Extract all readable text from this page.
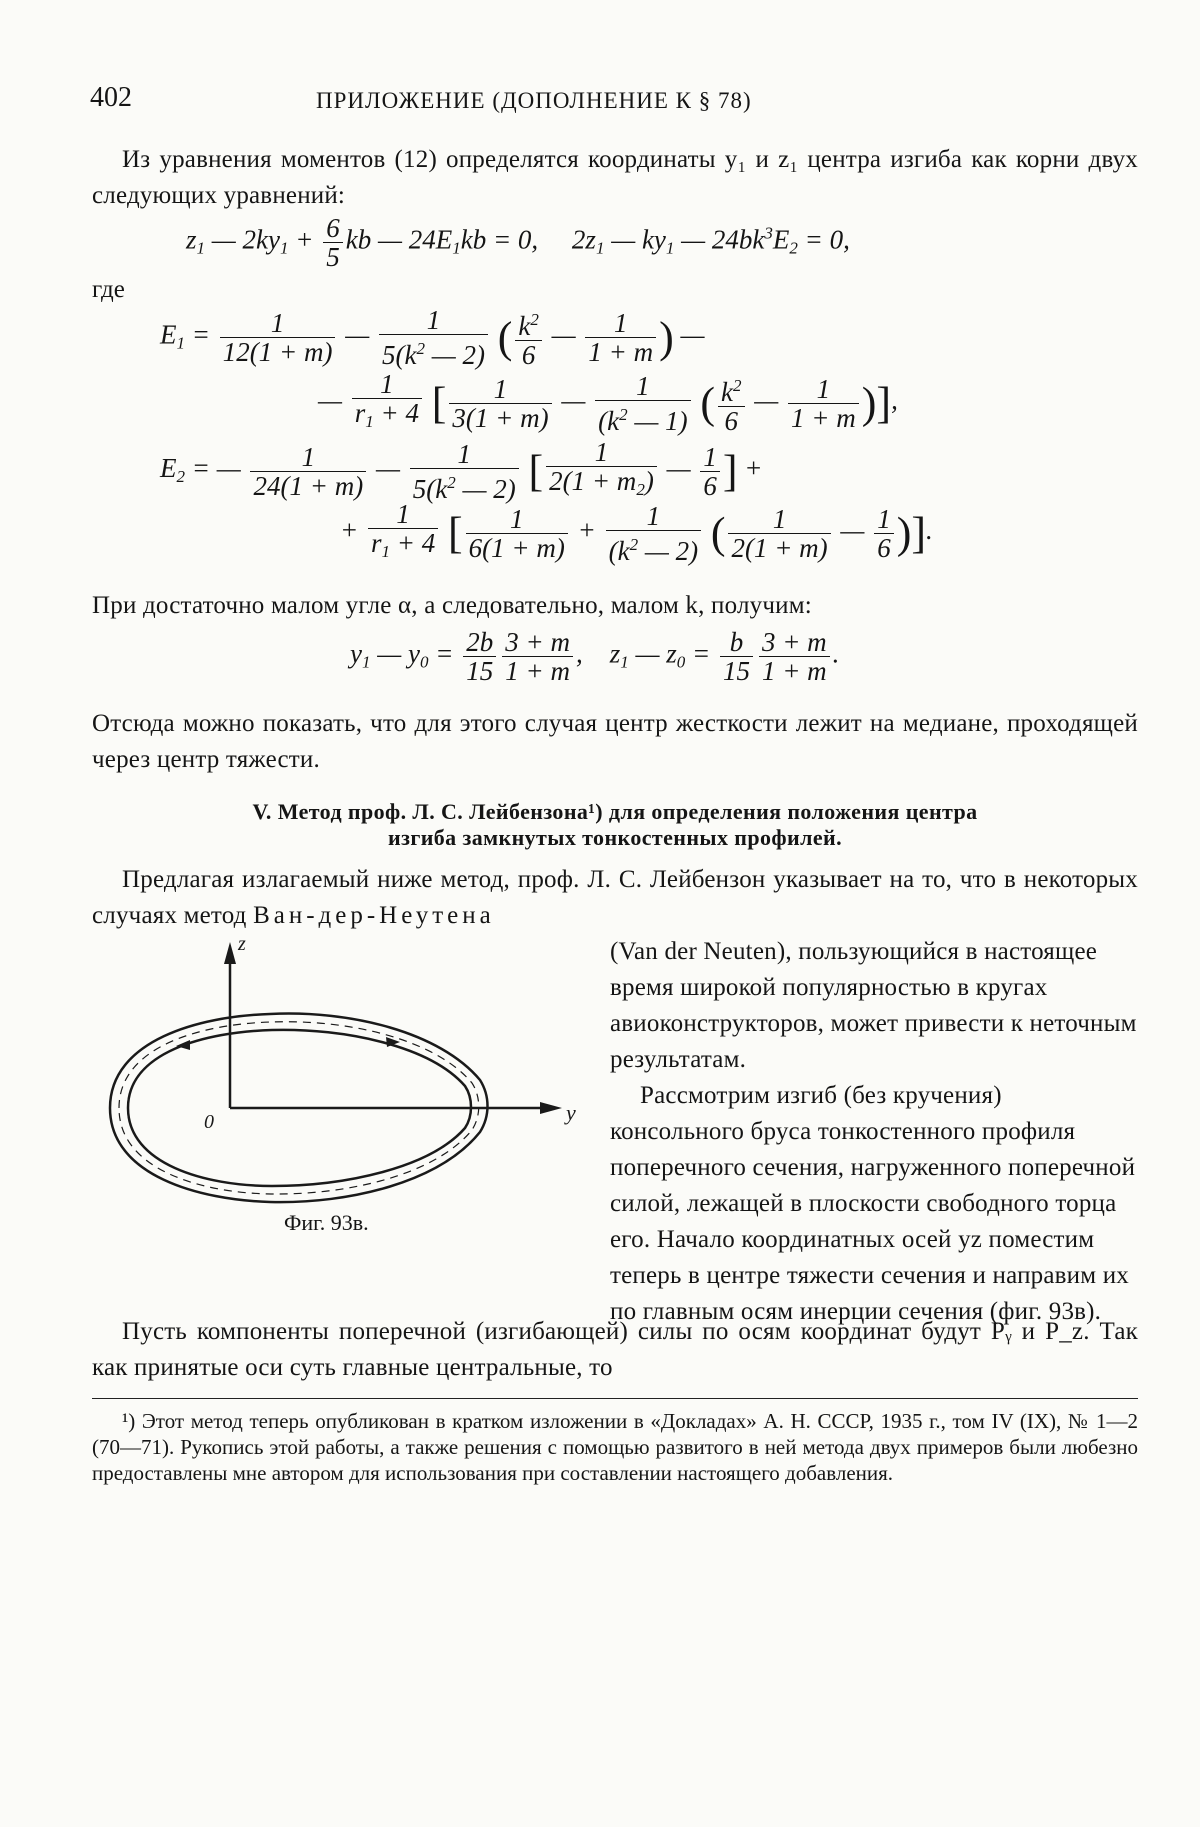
402	ПРИЛОЖЕНИЕ (ДОПОЛНЕНИЕ К § 78)
Из уравнения моментов (12) определятся координаты y₁ и z₁ центра изгиба как корни двух следующих уравнений:
$z_1$ — $2ky_1 + \frac{6}{5}$ kb — $24E_1kb = 0$,     $2z_1$ — $ky_1$ — $24bk^3E_2 = 0$,
где
$E_1 = \frac{1}{12(1 + m)}$ — $\frac{1}{5(k^2 — 2)}$ ( $\frac{k^2}{6}$ — $\frac{1}{1 + m}$ ) —
— $\frac{1}{r_1 + 4}$ [ $\frac{1}{3(1 + m)}$ — $\frac{1}{(k^2 — 1)}$ ( $\frac{k^2}{6}$ — $\frac{1}{1 + m}$ )],
$E_2$ = — $\frac{1}{24(1 + m)}$ — $\frac{1}{5(k^2 — 2)}$ [ $\frac{1}{2(1 + m_2)}$ — $\frac{1}{6}$ ] +
+ $\frac{1}{r_1 + 4}$ [ $\frac{1}{6(1 + m)} + \frac{1}{(k^2 — 2)}$ ( $\frac{1}{2(1 + m)}$ — $\frac{1}{6}$ )].
При достаточно малом угле α, а следовательно, малом k, получим:
$y_1$ — $y_0 = \frac{2b}{15} \frac{3 + m}{1 + m}$ ,    $z_1$ — $z_0 = \frac{b}{15} \frac{3 + m}{1 + m}$ .
Отсюда можно показать, что для этого случая центр жесткости лежит на медиане, проходящей через центр тяжести.
V. Метод проф. Л. С. Лейбензона¹) для определения положения центра
изгиба замкнутых тонкостенных профилей.
Предлагая излагаемый ниже метод, проф. Л. С. Лейбензон указывает на то, что в некоторых случаях метод Ван-дер-Неутена
(Van der Neuten), пользующийся в настоящее время широкой популярностью в кругах авиоконструкторов, может привести к неточным результатам.
Рассмотрим изгиб (без кручения) консольного бруса тонкостенного профиля поперечного сечения, нагруженного поперечной силой, лежащей в плоскости свободного торца его. Начало координатных осей yz поместим теперь в центре тяжести сечения и направим их по главным осям инерции сечения (фиг. 93в).
z
y
0
Фиг. 93в.
Пусть компоненты поперечной (изгибающей) силы по осям координат будут Pᵧ и P_z. Так как принятые оси суть главные центральные, то
¹) Этот метод теперь опубликован в кратком изложении в «Докладах» А. Н. СССР, 1935 г., том IV (IX), № 1—2 (70—71). Рукопись этой работы, а также решения с помощью развитого в ней метода двух примеров были любезно предоставлены мне автором для использования при составлении настоящего добавления.
